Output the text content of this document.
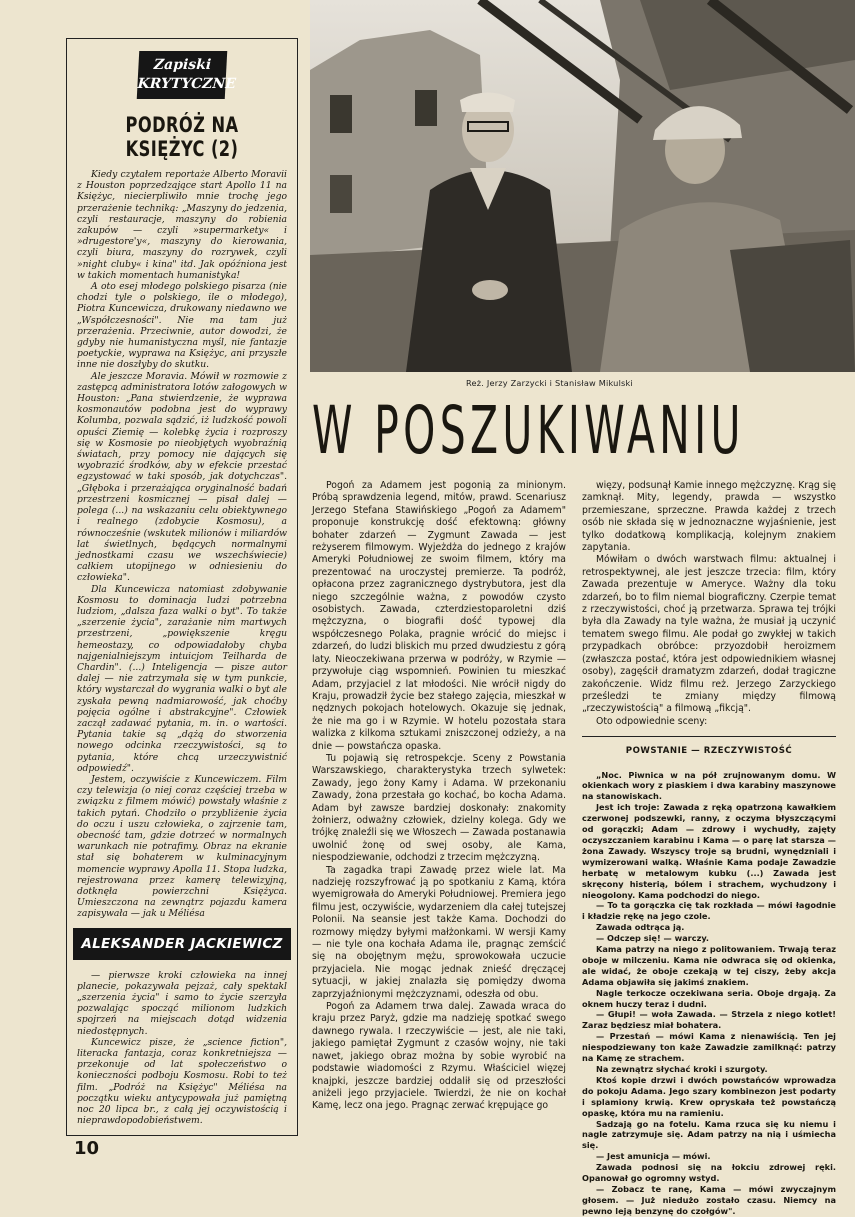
Zapiski
KRYTYCZNE
PODRÓŻ NA KSIĘŻYC (2)

Kiedy czytałem reportaże Alberto Moravii z Houston poprzedzające start Apollo 11 na Księżyc, niecierpliwiło mnie trochę jego przerażenie techniką: „Maszyny do jedzenia, czyli restauracje, maszyny do robienia zakupów — czyli »supermarkety« i »drugestore'y«, maszyny do kierowania, czyli biura, maszyny do rozrywek, czyli »night cluby« i kina" itd. Jak opóźniona jest w takich momentach humanistyka!

A oto esej młodego polskiego pisarza (nie chodzi tyle o polskiego, ile o młodego), Piotra Kuncewicza, drukowany niedawno we „Współczesności". Nie ma tam już przerażenia. Przeciwnie, autor dowodzi, że gdyby nie humanistyczna myśl, nie fantazje poetyckie, wyprawa na Księżyc, ani przyszłe inne nie doszłyby do skutku.

Ale jeszcze Moravia. Mówił w rozmowie z zastępcą administratora lotów załogowych w Houston: „Pana stwierdzenie, że wyprawa kosmonautów podobna jest do wyprawy Kolumba, pozwala sądzić, iż ludzkość powoli opuści Ziemię — kolebkę życia i rozproszy się w Kosmosie po nieobjętych wyobraźnią światach, przy pomocy nie dających się wyobrazić środków, aby w efekcie przestać egzystować w taki sposób, jak dotychczas". „Głęboka i przerażająca oryginalność badań przestrzeni kosmicznej — pisał dalej — polega (...) na wskazaniu celu obiektywnego i realnego (zdobycie Kosmosu), a równocześnie (wskutek milionów i miliardów lat świetlnych, będących normalnymi jednostkami czasu we wszechświecie) całkiem utopijnego w odniesieniu do człowieka".

Dla Kuncewicza natomiast zdobywanie Kosmosu to dominacja ludzi potrzebna ludziom, „dalsza faza walki o byt". To także „szerzenie życia", zarażanie nim martwych przestrzeni, „powiększenie kręgu hemeostazy, co odpowiadałoby chyba najgenialniejszym intuicjom Teilharda de Chardin". (...) Inteligencja — pisze autor dalej — nie zatrzymała się w tym punkcie, który wystarczał do wygrania walki o byt ale zyskała pewną nadmiarowość, jak choćby pojęcia ogólne i abstrakcyjne". Człowiek zaczął zadawać pytania, m. in. o wartości. Pytania takie są „dążą do stworzenia nowego odcinka rzeczywistości, są to pytania, które chcą urzeczywistnić odpowiedź".

Jestem, oczywiście z Kuncewiczem. Film czy telewizja (o niej coraz częściej trzeba w związku z filmem mówić) powstały właśnie z takich pytań. Chodziło o przybliżenie życia do oczu i uszu człowieka, o zajrzenie tam, obecność tam, gdzie dotrzeć w normalnych warunkach nie potrafimy. Obraz na ekranie stał się bohaterem w kulminacyjnym momencie wyprawy Apolla 11. Stopa ludzka, rejestrowana przez kamerę telewizyjną, dotknęła powierzchni Księżyca. Umieszczona na zewnątrz pojazdu kamera zapisywała — jak u Méliésa

ALEKSANDER JACKIEWICZ

— pierwsze kroki człowieka na innej planecie, pokazywała pejzaż, cały spektakl „szerzenia życia" i samo to życie szerzyła pozwalając spocząć milionom ludzkich spojrzeń na miejscach dotąd widzenia niedostępnych.

Kuncewicz pisze, że „science fiction", literacka fantazja, coraz konkretniejsza — przekonuje od lat społeczeństwo o konieczności podboju Kosmosu. Robi to też film. „Podróż na Księżyc" Méliésa na początku wieku antycypowała już pamiętną noc 20 lipca br., z całą jej oczywistością i nieprawdopodobieństwem.

Reż. Jerzy Zarzycki i Stanisław Mikulski
W POSZUKIWANIU

Pogoń za Adamem jest pogonią za minionym. Próbą sprawdzenia legend, mitów, prawd. Scenariusz Jerzego Stefana Stawińskiego „Pogoń za Adamem" proponuje konstrukcję dość efektowną: główny bohater zdarzeń — Zygmunt Zawada — jest reżyserem filmowym. Wyjeżdża do jednego z krajów Ameryki Południowej ze swoim filmem, który ma prezentować na uroczystej premierze. Ta podróż, opłacona przez zagranicznego dystrybutora, jest dla niego szczególnie ważna, z powodów czysto osobistych. Zawada, czterdziestoparoletni dziś mężczyzna, o biografii dość typowej dla współczesnego Polaka, pragnie wrócić do miejsc i zdarzeń, do ludzi bliskich mu przed dwudziestu z górą laty. Nieoczekiwana przerwa w podróży, w Rzymie — przywołuje ciąg wspomnień. Powinien tu mieszkać Adam, przyjaciel z lat młodości. Nie wrócił nigdy do Kraju, prowadził życie bez stałego zajęcia, mieszkał w nędznych pokojach hotelowych. Okazuje się jednak, że nie ma go i w Rzymie. W hotelu pozostała stara walizka z kilkoma sztukami zniszczonej odzieży, a na dnie — powstańcza opaska.

Tu pojawią się retrospekcje. Sceny z Powstania Warszawskiego, charakterystyka trzech sylwetek: Zawady, jego żony Kamy i Adama. W przekonaniu Zawady, żona przestała go kochać, bo kocha Adama. Adam był zawsze bardziej doskonały: znakomity żołnierz, odważny człowiek, dzielny kolega. Gdy we trójkę znaleźli się we Włoszech — Zawada postanawia uwolnić żonę od swej osoby, ale Kama, niespodziewanie, odchodzi z trzecim mężczyzną.

Ta zagadka trapi Zawadę przez wiele lat. Ma nadzieję rozszyfrować ją po spotkaniu z Kamą, która wyemigrowała do Ameryki Południowej. Premiera jego filmu jest, oczywiście, wydarzeniem dla całej tutejszej Polonii. Na seansie jest także Kama. Dochodzi do rozmowy między byłymi małżonkami. W wersji Kamy — nie tyle ona kochała Adama ile, pragnąc zemścić się na obojętnym mężu, sprowokowała uczucie przyjaciela. Nie mogąc jednak znieść dręczącej sytuacji, w jakiej znalazła się pomiędzy dwoma zaprzyjaźnionymi mężczyznami, odeszła od obu.

Pogoń za Adamem trwa dalej. Zawada wraca do kraju przez Paryż, gdzie ma nadzieję spotkać swego dawnego rywala. I rzeczywiście — jest, ale nie taki, jakiego pamiętał Zygmunt z czasów wojny, nie taki nawet, jakiego obraz można by sobie wyrobić na podstawie wiadomości z Rzymu. Właściciel więzej knajpki, jeszcze bardziej oddalił się od przeszłości aniżeli jego przyjaciele. Twierdzi, że nie on kochał Kamę, lecz ona jego. Pragnąc zerwać krępujące go

więzy, podsunął Kamie innego mężczyznę. Krąg się zamknął. Mity, legendy, prawda — wszystko przemieszane, sprzeczne. Prawda każdej z trzech osób nie składa się w jednoznaczne wyjaśnienie, jest tylko dodatkową komplikacją, kolejnym znakiem zapytania.

Mówiłam o dwóch warstwach filmu: aktualnej i retrospektywnej, ale jest jeszcze trzecia: film, który Zawada prezentuje w Ameryce. Ważny dla toku zdarzeń, bo to film niemal biograficzny. Czerpie temat z rzeczywistości, choć ją przetwarza. Sprawa tej trójki była dla Zawady na tyle ważna, że musiał ją uczynić tematem swego filmu. Ale podał go zwykłej w takich przypadkach obróbce: przyozdobił heroizmem (zwłaszcza postać, która jest odpowiednikiem własnej osoby), zagęścił dramatyzm zdarzeń, dodał tragiczne zakończenie. Widz filmu reż. Jerzego Zarzyckiego prześledzi te zmiany między filmową „rzeczywistością" a filmową „fikcją".

Oto odpowiednie sceny:

POWSTANIE — RZECZYWISTOŚĆ

„Noc. Piwnica w na pół zrujnowanym domu. W okienkach wory z piaskiem i dwa karabiny maszynowe na stanowiskach.

Jest ich troje: Zawada z ręką opatrzoną kawałkiem czerwonej podszewki, ranny, z oczyma błyszczącymi od gorączki; Adam — zdrowy i wychudły, zajęty oczyszczaniem karabinu i Kama — o parę lat starsza — żona Zawady. Wszyscy troje są brudni, wynędzniali i wymizerowani walką. Właśnie Kama podaje Zawadzie herbatę w metalowym kubku (...) Zawada jest skręcony histerią, bólem i strachem, wychudzony i nieogolony. Kama podchodzi do niego.

— To ta gorączka cię tak rozkłada — mówi łagodnie i kładzie rękę na jego czole.

Zawada odtrąca ją.

— Odczep się! — warczy.

Kama patrzy na niego z politowaniem. Trwają teraz oboje w milczeniu. Kama nie odwraca się od okienka, ale widać, że oboje czekają w tej ciszy, żeby akcja Adama objawiła się jakimś znakiem.

Nagle terkocze oczekiwana seria. Oboje drgają. Za oknem huczy teraz i dudni.

— Głupi! — woła Zawada. — Strzela z niego kotlet! Zaraz będziesz miał bohatera.

— Przestań — mówi Kama z nienawiścią. Ten jej niespodziewany ton każe Zawadzie zamilknąć: patrzy na Kamę ze strachem.

Na zewnątrz słychać kroki i szurgoty.

Ktoś kopie drzwi i dwóch powstańców wprowadza do pokoju Adama. Jego szary kombinezon jest podarty i splamiony krwią. Krew opryskała też powstańczą opaskę, która mu na ramieniu.

Sadzają go na fotelu. Kama rzuca się ku niemu i nagle zatrzymuje się. Adam patrzy na nią i uśmiecha się.

— Jest amunicja — mówi.

Zawada podnosi się na łokciu zdrowej ręki. Opanował go ogromny wstyd.

— Zobacz te ranę, Kama — mówi zwyczajnym głosem. — Już niedużo zostało czasu. Niemcy na pewno leją benzynę do czołgów".

10
